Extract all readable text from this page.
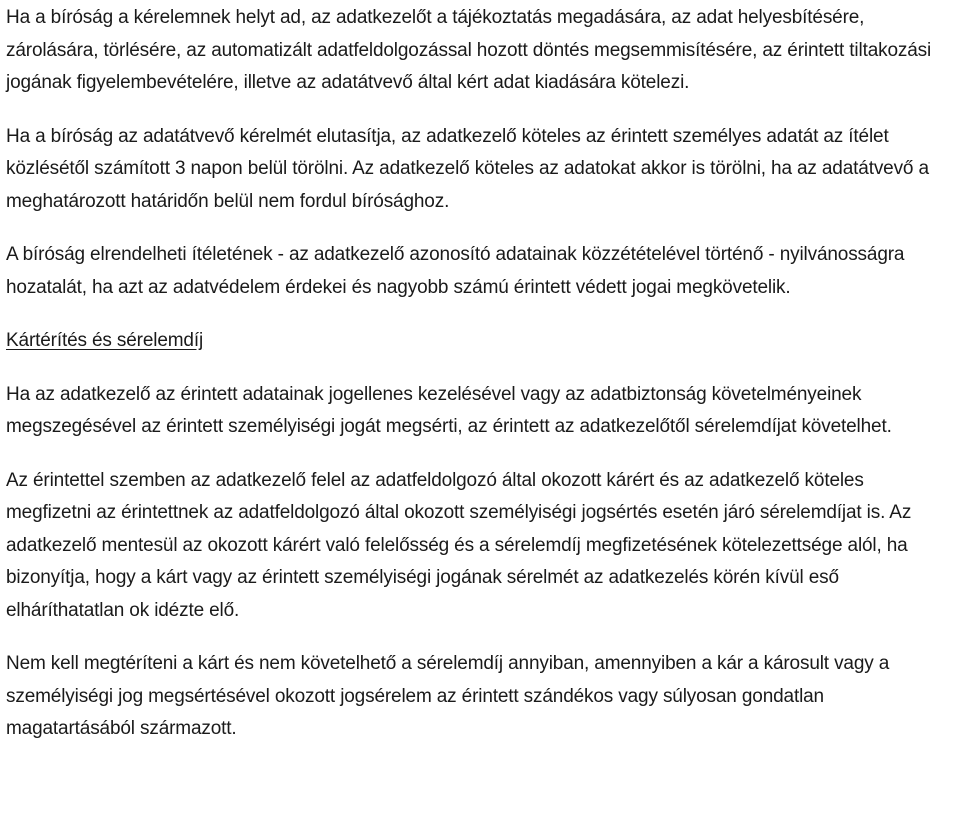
Ha a bíróság a kérelemnek helyt ad, az adatkezelőt a tájékoztatás megadására, az adat helyesbítésére, zárolására, törlésére, az automatizált adatfeldolgozással hozott döntés megsemmisítésére, az érintett tiltakozási jogának figyelembevételére, illetve az adatátvevő által kért adat kiadására kötelezi.

Ha a bíróság az adatátvevő kérelmét elutasítja, az adatkezelő köteles az érintett személyes adatát az ítélet közlésétől számított 3 napon belül törölni. Az adatkezelő köteles az adatokat akkor is törölni, ha az adatátvevő a meghatározott határidőn belül nem fordul bírósághoz.

A bíróság elrendelheti ítéletének - az adatkezelő azonosító adatainak közzétételével történő - nyilvánosságra hozatalát, ha azt az adatvédelem érdekei és nagyobb számú érintett védett jogai megkövetelik.

Kártérítés és sérelemdíj

Ha az adatkezelő az érintett adatainak jogellenes kezelésével vagy az adatbiztonság követelményeinek megszegésével az érintett személyiségi jogát megsérti, az érintett az adatkezelőtől sérelemdíjat követelhet.

Az érintettel szemben az adatkezelő felel az adatfeldolgozó által okozott kárért és az adatkezelő köteles megfizetni az érintettnek az adatfeldolgozó által okozott személyiségi jogsértés esetén járó sérelemdíjat is. Az adatkezelő mentesül az okozott kárért való felelősség és a sérelemdíj megfizetésének kötelezettsége alól, ha bizonyítja, hogy a kárt vagy az érintett személyiségi jogának sérelmét az adatkezelés körén kívül eső elháríthatatlan ok idézte elő.

Nem kell megtéríteni a kárt és nem követelhető a sérelemdíj annyiban, amennyiben a kár a károsult vagy a személyiségi jog megsértésével okozott jogsérelem az érintett szándékos vagy súlyosan gondatlan magatartásából származott.
